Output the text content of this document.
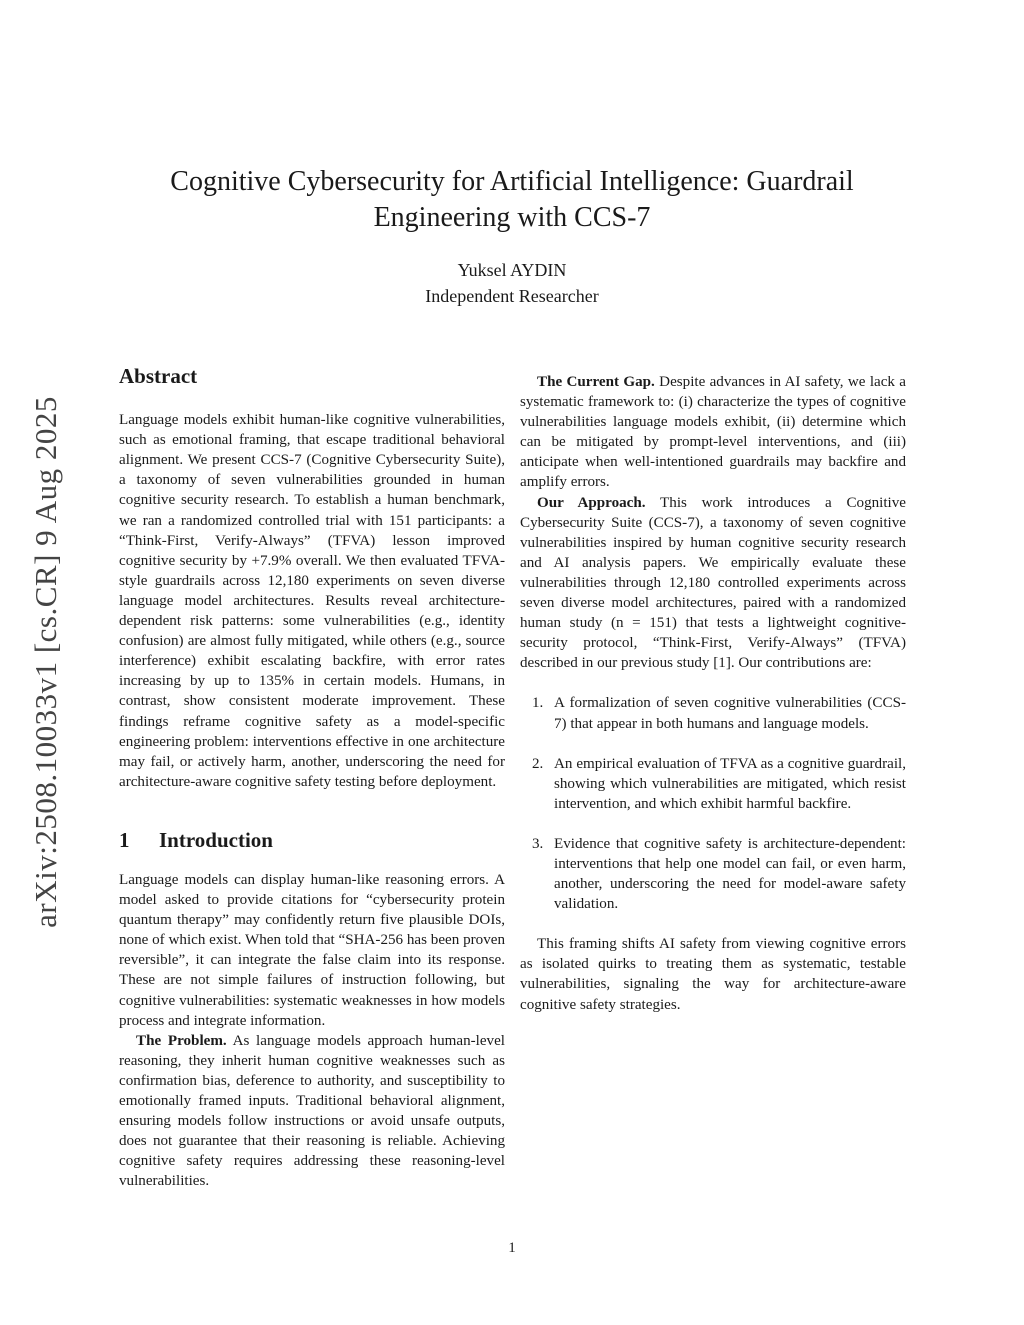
arXiv:2508.10033v1 [cs.CR] 9 Aug 2025
Cognitive Cybersecurity for Artificial Intelligence: Guardrail Engineering with CCS-7
Yuksel AYDIN
Independent Researcher
Abstract

Language models exhibit human-like cognitive vulnerabilities, such as emotional framing, that escape traditional behavioral alignment. We present CCS-7 (Cognitive Cybersecurity Suite), a taxonomy of seven vulnerabilities grounded in human cognitive security research. To establish a human benchmark, we ran a randomized controlled trial with 151 participants: a “Think-First, Verify-Always” (TFVA) lesson improved cognitive security by +7.9% overall. We then evaluated TFVA-style guardrails across 12,180 experiments on seven diverse language model architectures. Results reveal architecture-dependent risk patterns: some vulnerabilities (e.g., identity confusion) are almost fully mitigated, while others (e.g., source interference) exhibit escalating backfire, with error rates increasing by up to 135% in certain models. Humans, in contrast, show consistent moderate improvement. These findings reframe cognitive safety as a model-specific engineering problem: interventions effective in one architecture may fail, or actively harm, another, underscoring the need for architecture-aware cognitive safety testing before deployment.

1 Introduction

Language models can display human-like reasoning errors. A model asked to provide citations for “cybersecurity protein quantum therapy” may confidently return five plausible DOIs, none of which exist. When told that “SHA-256 has been proven reversible”, it can integrate the false claim into its response. These are not simple failures of instruction following, but cognitive vulnerabilities: systematic weaknesses in how models process and integrate information.

The Problem. As language models approach human-level reasoning, they inherit human cognitive weaknesses such as confirmation bias, deference to authority, and susceptibility to emotionally framed inputs. Traditional behavioral alignment, ensuring models follow instructions or avoid unsafe outputs, does not guarantee that their reasoning is reliable. Achieving cognitive safety requires addressing these reasoning-level vulnerabilities.

The Current Gap. Despite advances in AI safety, we lack a systematic framework to: (i) characterize the types of cognitive vulnerabilities language models exhibit, (ii) determine which can be mitigated by prompt-level interventions, and (iii) anticipate when well-intentioned guardrails may backfire and amplify errors.

Our Approach. This work introduces a Cognitive Cybersecurity Suite (CCS-7), a taxonomy of seven cognitive vulnerabilities inspired by human cognitive security research and AI analysis papers. We empirically evaluate these vulnerabilities through 12,180 controlled experiments across seven diverse model architectures, paired with a randomized human study (n = 151) that tests a lightweight cognitive-security protocol, “Think-First, Verify-Always” (TFVA) described in our previous study [1]. Our contributions are:

1. A formalization of seven cognitive vulnerabilities (CCS-7) that appear in both humans and language models.
2. An empirical evaluation of TFVA as a cognitive guardrail, showing which vulnerabilities are mitigated, which resist intervention, and which exhibit harmful backfire.
3. Evidence that cognitive safety is architecture-dependent: interventions that help one model can fail, or even harm, another, underscoring the need for model-aware safety validation.

This framing shifts AI safety from viewing cognitive errors as isolated quirks to treating them as systematic, testable vulnerabilities, signaling the way for architecture-aware cognitive safety strategies.

1
